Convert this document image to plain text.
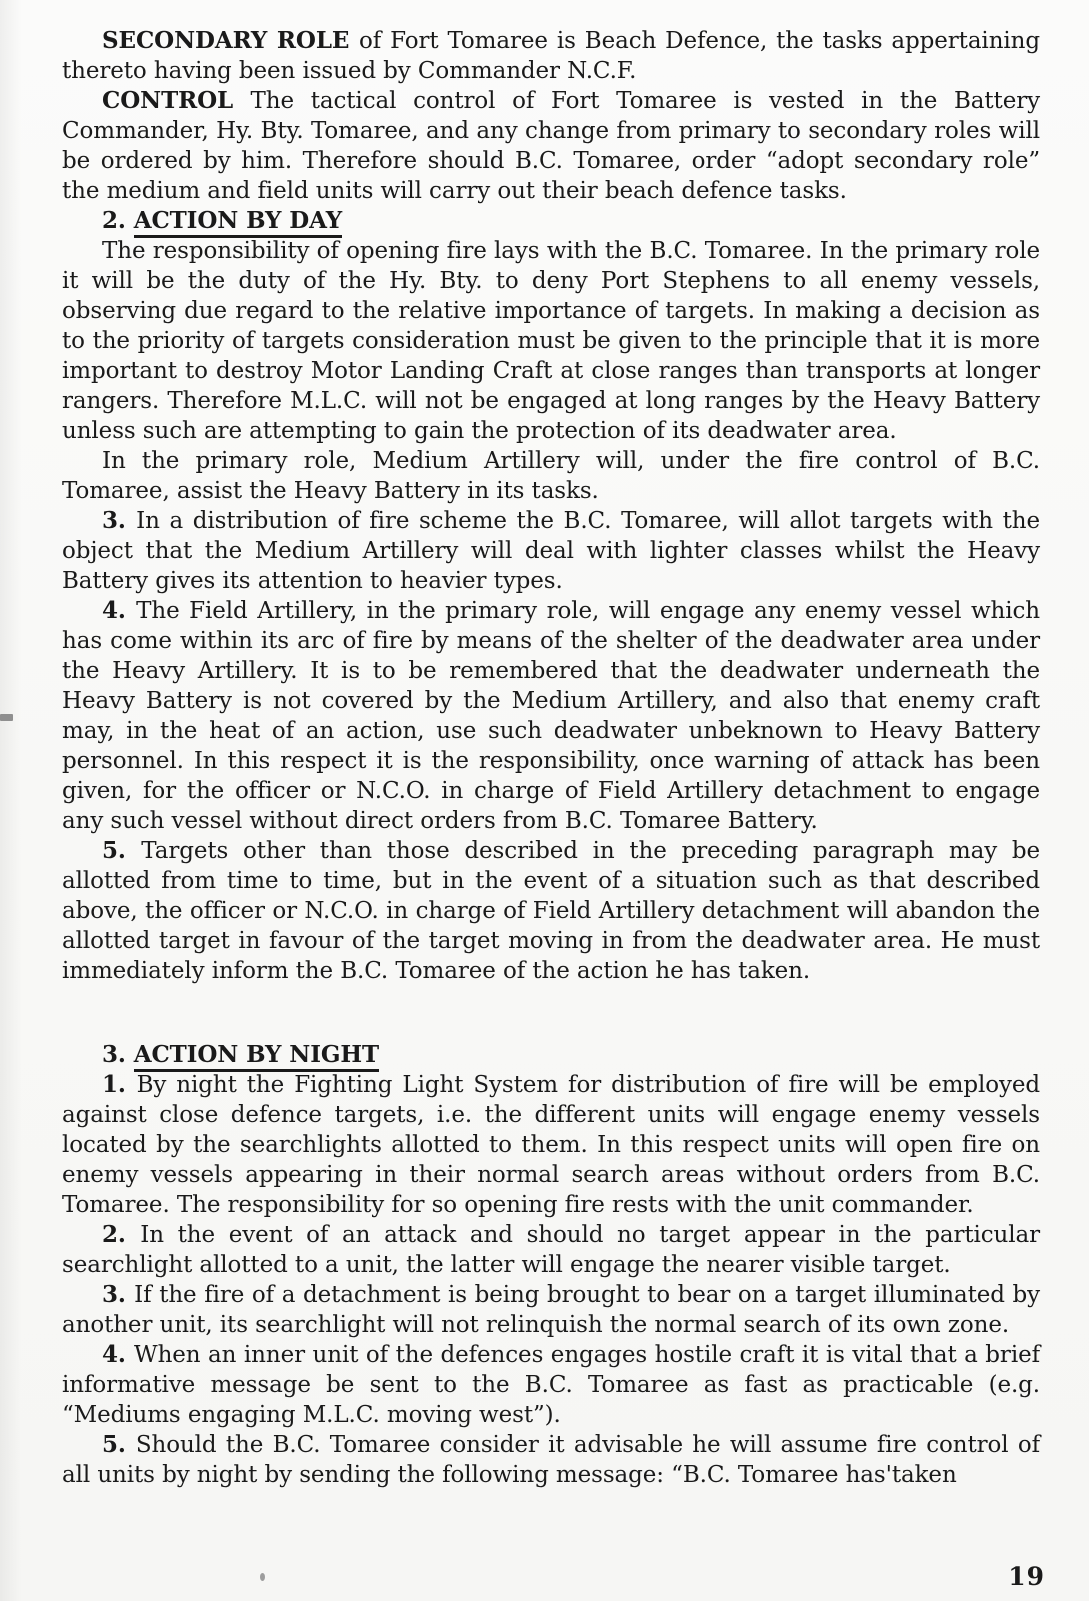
SECONDARY ROLE of Fort Tomaree is Beach Defence, the tasks appertaining thereto having been issued by Commander N.C.F.

CONTROL The tactical control of Fort Tomaree is vested in the Battery Commander, Hy. Bty. Tomaree, and any change from primary to secondary roles will be ordered by him. Therefore should B.C. Tomaree, order “adopt secondary role” the medium and field units will carry out their beach defence tasks.

2. ACTION BY DAY

The responsibility of opening fire lays with the B.C. Tomaree. In the primary role it will be the duty of the Hy. Bty. to deny Port Stephens to all enemy vessels, observing due regard to the relative importance of targets. In making a decision as to the priority of targets consideration must be given to the principle that it is more important to destroy Motor Landing Craft at close ranges than transports at longer rangers. Therefore M.L.C. will not be engaged at long ranges by the Heavy Battery unless such are attempting to gain the protection of its deadwater area.

In the primary role, Medium Artillery will, under the fire control of B.C. Tomaree, assist the Heavy Battery in its tasks.

3. In a distribution of fire scheme the B.C. Tomaree, will allot targets with the object that the Medium Artillery will deal with lighter classes whilst the Heavy Battery gives its attention to heavier types.

4. The Field Artillery, in the primary role, will engage any enemy vessel which has come within its arc of fire by means of the shelter of the deadwater area under the Heavy Artillery. It is to be remembered that the deadwater underneath the Heavy Battery is not covered by the Medium Artillery, and also that enemy craft may, in the heat of an action, use such deadwater unbeknown to Heavy Battery personnel. In this respect it is the responsibility, once warning of attack has been given, for the officer or N.C.O. in charge of Field Artillery detachment to engage any such vessel without direct orders from B.C. Tomaree Battery.

5. Targets other than those described in the preceding paragraph may be allotted from time to time, but in the event of a situation such as that described above, the officer or N.C.O. in charge of Field Artillery detachment will abandon the allotted target in favour of the target moving in from the deadwater area. He must immediately inform the B.C. Tomaree of the action he has taken.

3. ACTION BY NIGHT

1. By night the Fighting Light System for distribution of fire will be employed against close defence targets, i.e. the different units will engage enemy vessels located by the searchlights allotted to them. In this respect units will open fire on enemy vessels appearing in their normal search areas without orders from B.C. Tomaree. The responsibility for so opening fire rests with the unit commander.

2. In the event of an attack and should no target appear in the particular searchlight allotted to a unit, the latter will engage the nearer visible target.

3. If the fire of a detachment is being brought to bear on a target illuminated by another unit, its searchlight will not relinquish the normal search of its own zone.

4. When an inner unit of the defences engages hostile craft it is vital that a brief informative message be sent to the B.C. Tomaree as fast as practicable (e.g. “Mediums engaging M.L.C. moving west”).

5. Should the B.C. Tomaree consider it advisable he will assume fire control of all units by night by sending the following message: “B.C. Tomaree has'taken

19
